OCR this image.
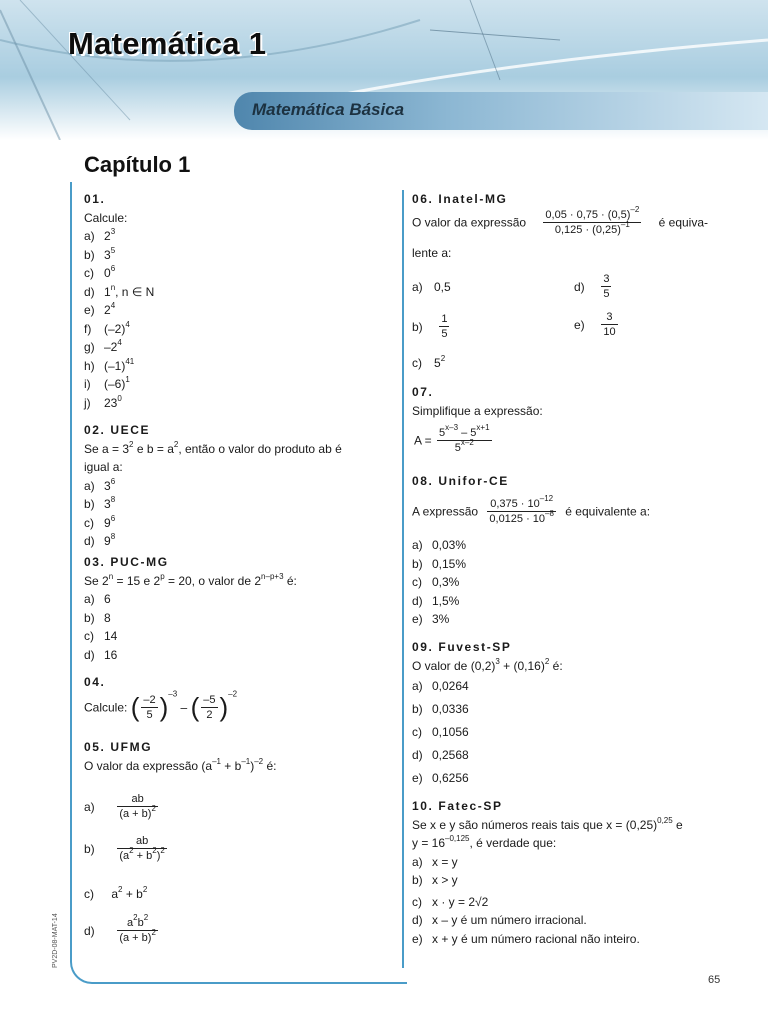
Matemática 1
Matemática Básica
Capítulo 1
PV2D-08-MAT-14
65
01.
Calcule:
a) $2^3$
b) $3^5$
c) $0^6$
d) 1$^n$, n ∈ N
e) $2^4$
f) $(-2)^4$
g) $-2^4$
h) $(-1)^{41}$
i) $(-6)^1$
j) $23^0$
02. UECE
Se $a = 3^2$ e $b = a^2$, então o valor do produto ab é
igual a:
a) $3^6$
b) $3^8$
c) $9^6$
d) $9^8$
03. PUC-MG
Se $2^n = 15$ e $2^p = 20$, o valor de $2^{n-p+3}$ é:
a) 6
b) 8
c) 14
d) 16
04.
Calcule: ( $\frac{-2}{5} )^{-3}$ – ( $\frac{-5}{2} )^{-2}$
05. UFMG
O valor da expressão $(a^{-1} + b^{-1})^{-2}$ é:
$a) \frac{ab}{(a + b)^2}$
$b) \frac{ab}{(a^2 + b^2)^2}$
c) $a^2 + b^2$
$d) \frac{a^2b^2}{(a + b)^2}$
06. Inatel-MG
O valor da expressão $\frac{0,05 \cdot 0,75 \cdot (0,5)^{-2}}{0,125 \cdot (0,25)^{-1}}$ é equiva-
lente a:
a) 0,5	$d) \frac{3}{5}$
$b) \frac{1}{5}$	$e) \frac{3}{10}$
c) $5^2$
07.
Simplifique a expressão:
$A = \frac{5^{x-3} - 5^{x+1}}{5^{x-2}}$
08. Unifor-CE
A expressão $\frac{0,375 \cdot 10^{-12}}{0,0125 \cdot 10^{-8}}$ é equivalente a:
a) 0,03%
b) 0,15%
c) 0,3%
d) 1,5%
e) 3%
09. Fuvest-SP
O valor de $(0,2)^3 + (0,16)^2$ é:
a) 0,0264
b) 0,0336
c) 0,1056
d) 0,2568
e) 0,6256
10. Fatec-SP
Se x e y são números reais tais que $x = (0,25)^{0,25}$ e
$y = 16^{-0,125}$, é verdade que:
a) x = y
b) x > y
c) x · y = 2√2
d) x – y é um número irracional.
e) x + y é um número racional não inteiro.
